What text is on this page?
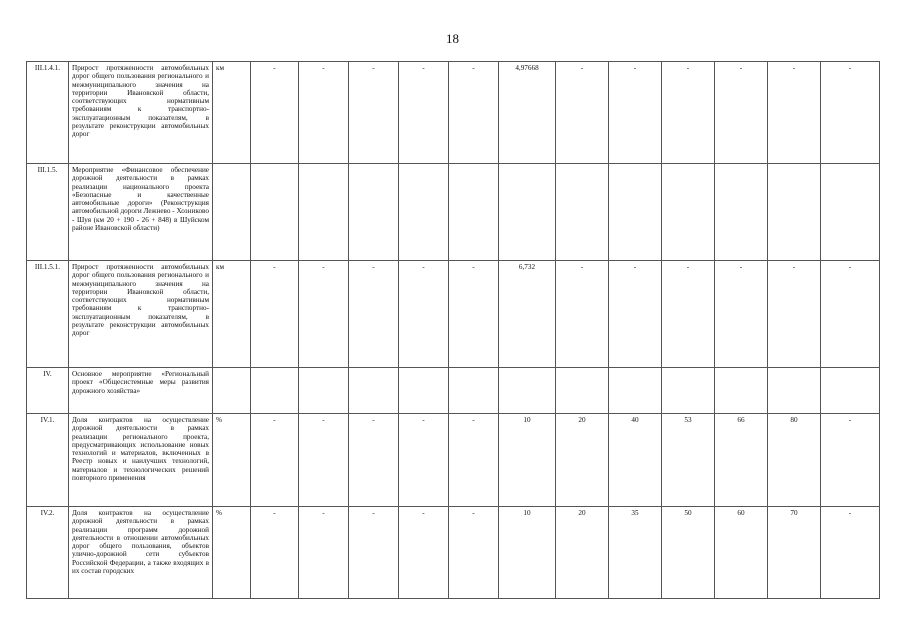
18
III.1.4.1.	Прирост протяженности автомобильных дорог общего пользования регионального и межмуниципального значения на территории Ивановской области, соответствующих нормативным требованиям к транспортно-эксплуатационным показателям, в результате реконструкции автомобильных дорог	км	-	-	-	-	-	4,97668	-	-	-	-	-	-
III.1.5.	Мероприятие «Финансовое обеспечение дорожной деятельности в рамках реализации национального проекта «Безопасные и качественные автомобильные дороги» (Реконструкция автомобильной дороги Лежнево - Хозниково - Шуя (км 20 + 190 - 26 + 848) в Шуйском районе Ивановской области)													
III.1.5.1.	Прирост протяженности автомобильных дорог общего пользования регионального и межмуниципального значения на территории Ивановской области, соответствующих нормативным требованиям к транспортно-эксплуатационным показателям, в результате реконструкции автомобильных дорог	км	-	-	-	-	-	6,732	-	-	-	-	-	-
IV.	Основное мероприятие «Региональный проект «Общесистемные меры развития дорожного хозяйства»													
IV.1.	Доля контрактов на осуществление дорожной деятельности в рамках реализации регионального проекта, предусматривающих использование новых технологий и материалов, включенных в Реестр новых и наилучших технологий, материалов и технологических решений повторного применения	%	-	-	-	-	-	10	20	40	53	66	80	-
IV.2.	Доля контрактов на осуществление дорожной деятельности в рамках реализации программ дорожной деятельности в отношении автомобильных дорог общего пользования, объектов улично-дорожной сети субъектов Российской Федерации, а также входящих в их состав городских	%	-	-	-	-	-	10	20	35	50	60	70	-
